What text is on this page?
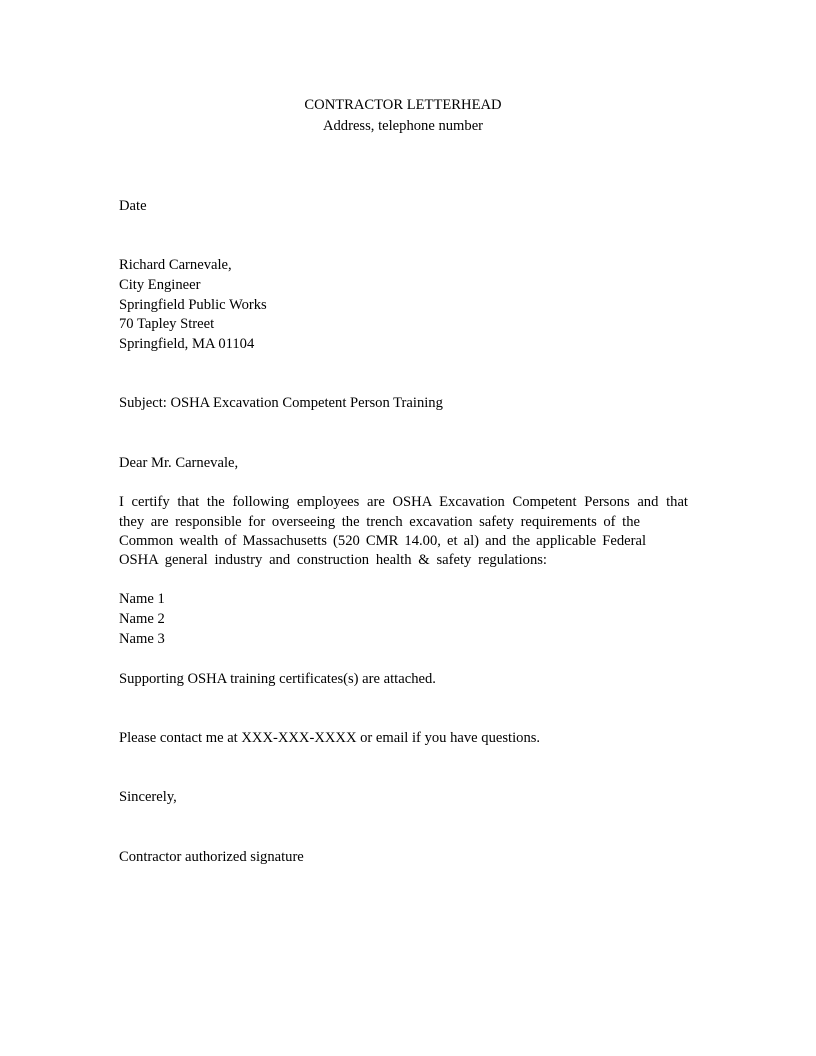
CONTRACTOR LETTERHEAD
Address, telephone number
Date
Richard Carnevale,
City Engineer
Springfield Public Works
70 Tapley Street
Springfield, MA 01104
Subject: OSHA Excavation Competent Person Training
Dear Mr. Carnevale,
I certify that the following employees are OSHA Excavation Competent Persons and that
they are responsible for overseeing the trench excavation safety requirements of the
Common wealth of Massachusetts (520 CMR 14.00, et al) and the applicable Federal
OSHA general industry and construction health & safety regulations:
Name 1
Name 2
Name 3
Supporting OSHA training certificates(s) are attached.
Please contact me at XXX-XXX-XXXX or email if you have questions.
Sincerely,
Contractor authorized signature
